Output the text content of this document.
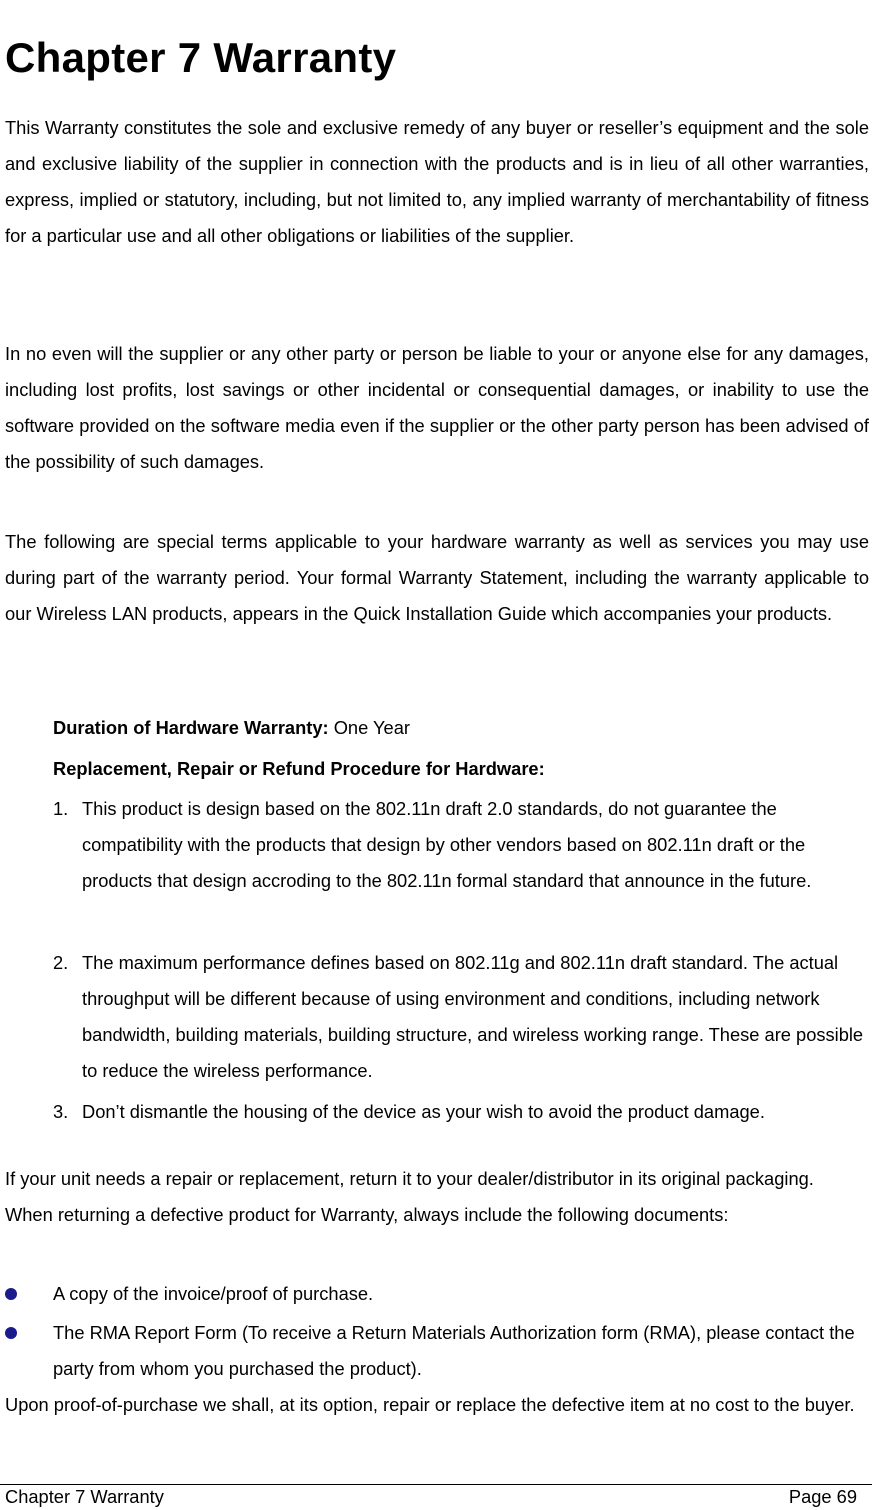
Chapter 7 Warranty

This Warranty constitutes the sole and exclusive remedy of any buyer or reseller’s equipment and the sole and exclusive liability of the supplier in connection with the products and is in lieu of all other warranties, express, implied or statutory, including, but not limited to, any implied warranty of merchantability of fitness for a particular use and all other obligations or liabilities of the supplier.

In no even will the supplier or any other party or person be liable to your or anyone else for any damages, including lost profits, lost savings or other incidental or consequential damages, or inability to use the software provided on the software media even if the supplier or the other party person has been advised of the possibility of such damages.

The following are special terms applicable to your hardware warranty as well as services you may use during part of the warranty period. Your formal Warranty Statement, including the warranty applicable to our Wireless LAN products, appears in the Quick Installation Guide which accompanies your products.

Duration of Hardware Warranty: One Year

Replacement, Repair or Refund Procedure for Hardware:

1. This product is design based on the 802.11n draft 2.0 standards, do not guarantee the compatibility with the products that design by other vendors based on 802.11n draft or the products that design accroding to the 802.11n formal standard that announce in the future.
2. The maximum performance defines based on 802.11g and 802.11n draft standard. The actual throughput will be different because of using environment and conditions, including network bandwidth, building materials, building structure, and wireless working range. These are possible to reduce the wireless performance.
3. Don’t dismantle the housing of the device as your wish to avoid the product damage.

If your unit needs a repair or replacement, return it to your dealer/distributor in its original packaging.    When returning a defective product for Warranty, always include the following documents:

A copy of the invoice/proof of purchase.
The RMA Report Form (To receive a Return Materials Authorization form (RMA), please contact the party from whom you purchased the product).

Upon proof-of-purchase we shall, at its option, repair or replace the defective item at no cost to the buyer.

Chapter 7 Warranty	Page 69
